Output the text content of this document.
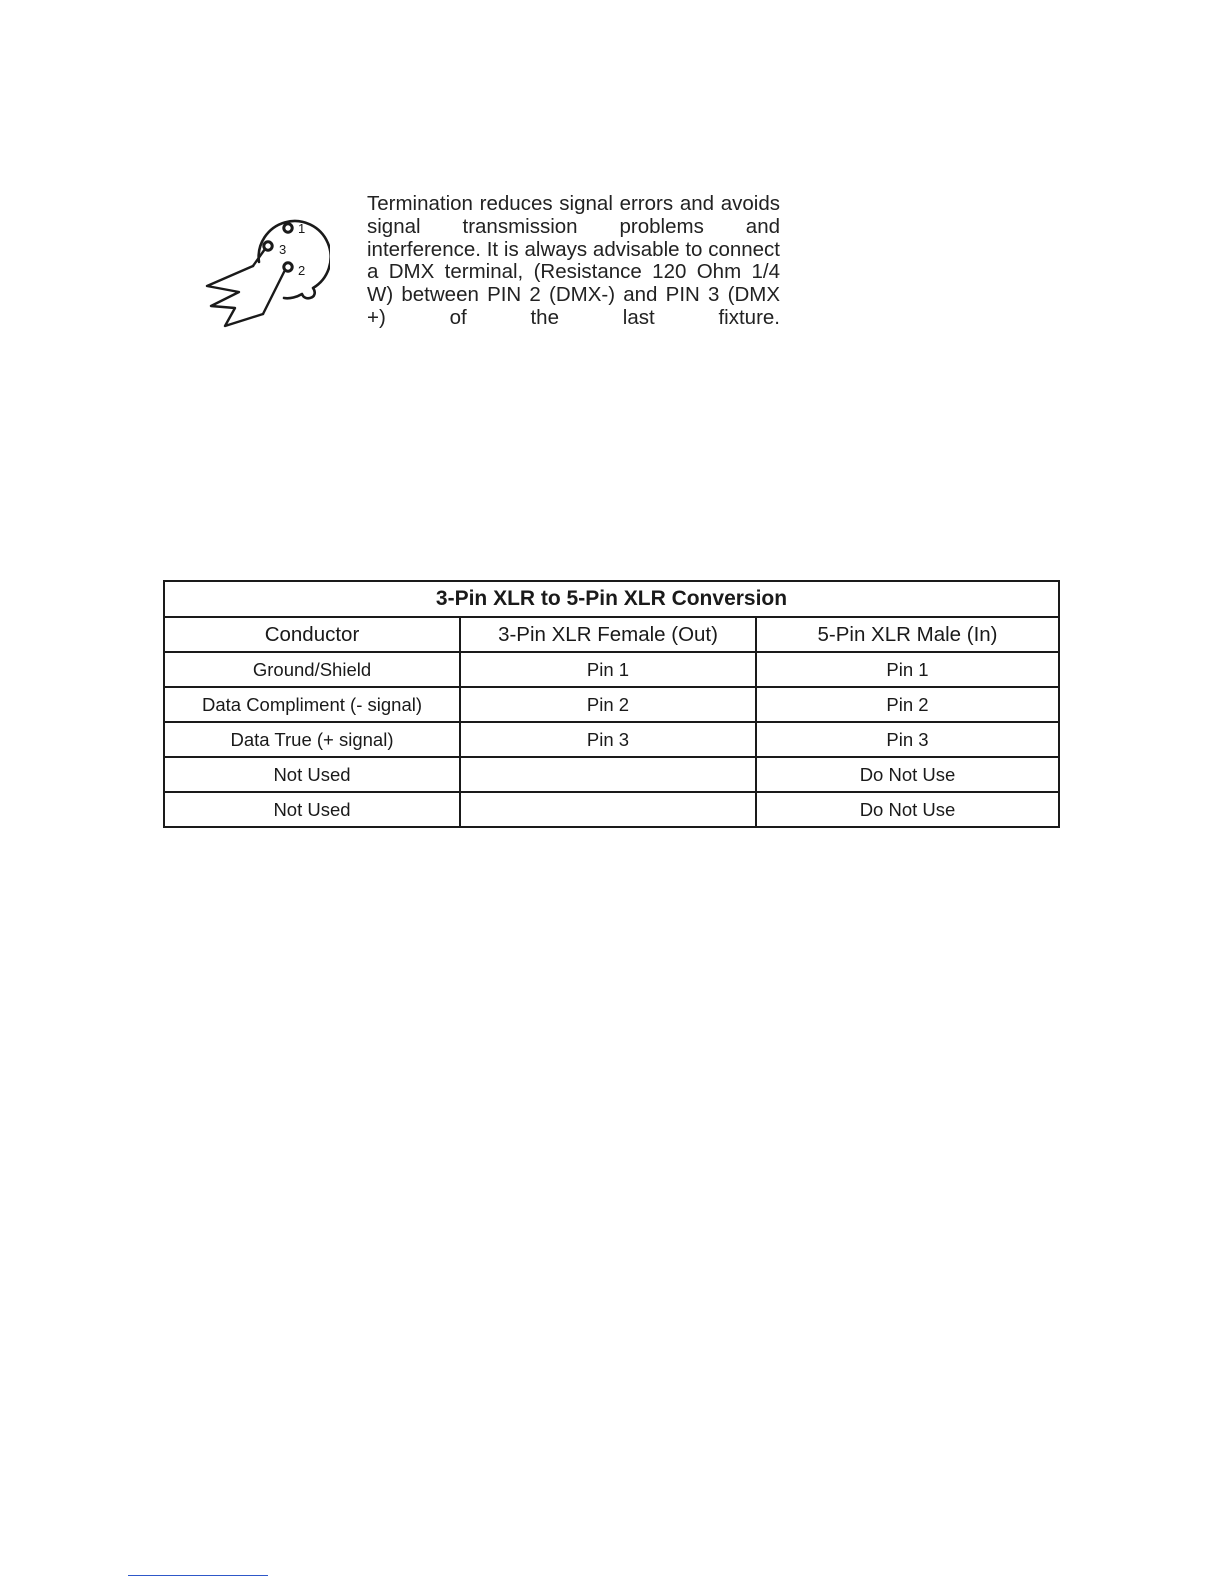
1
3
2

Termination reduces signal errors and avoids signal transmission problems and interference. It is always advisable to connect a DMX terminal, (Resistance 120 Ohm 1/4 W) between PIN 2 (DMX-) and PIN 3 (DMX +) of the last fixture.

3-Pin XLR to 5-Pin XLR Conversion		
Conductor	3-Pin XLR Female (Out)	5-Pin XLR Male (In)
Ground/Shield	Pin 1	Pin 1
Data Compliment (- signal)	Pin 2	Pin 2
Data True (+ signal)	Pin 3	Pin 3
Not Used		Do Not Use
Not Used		Do Not Use
